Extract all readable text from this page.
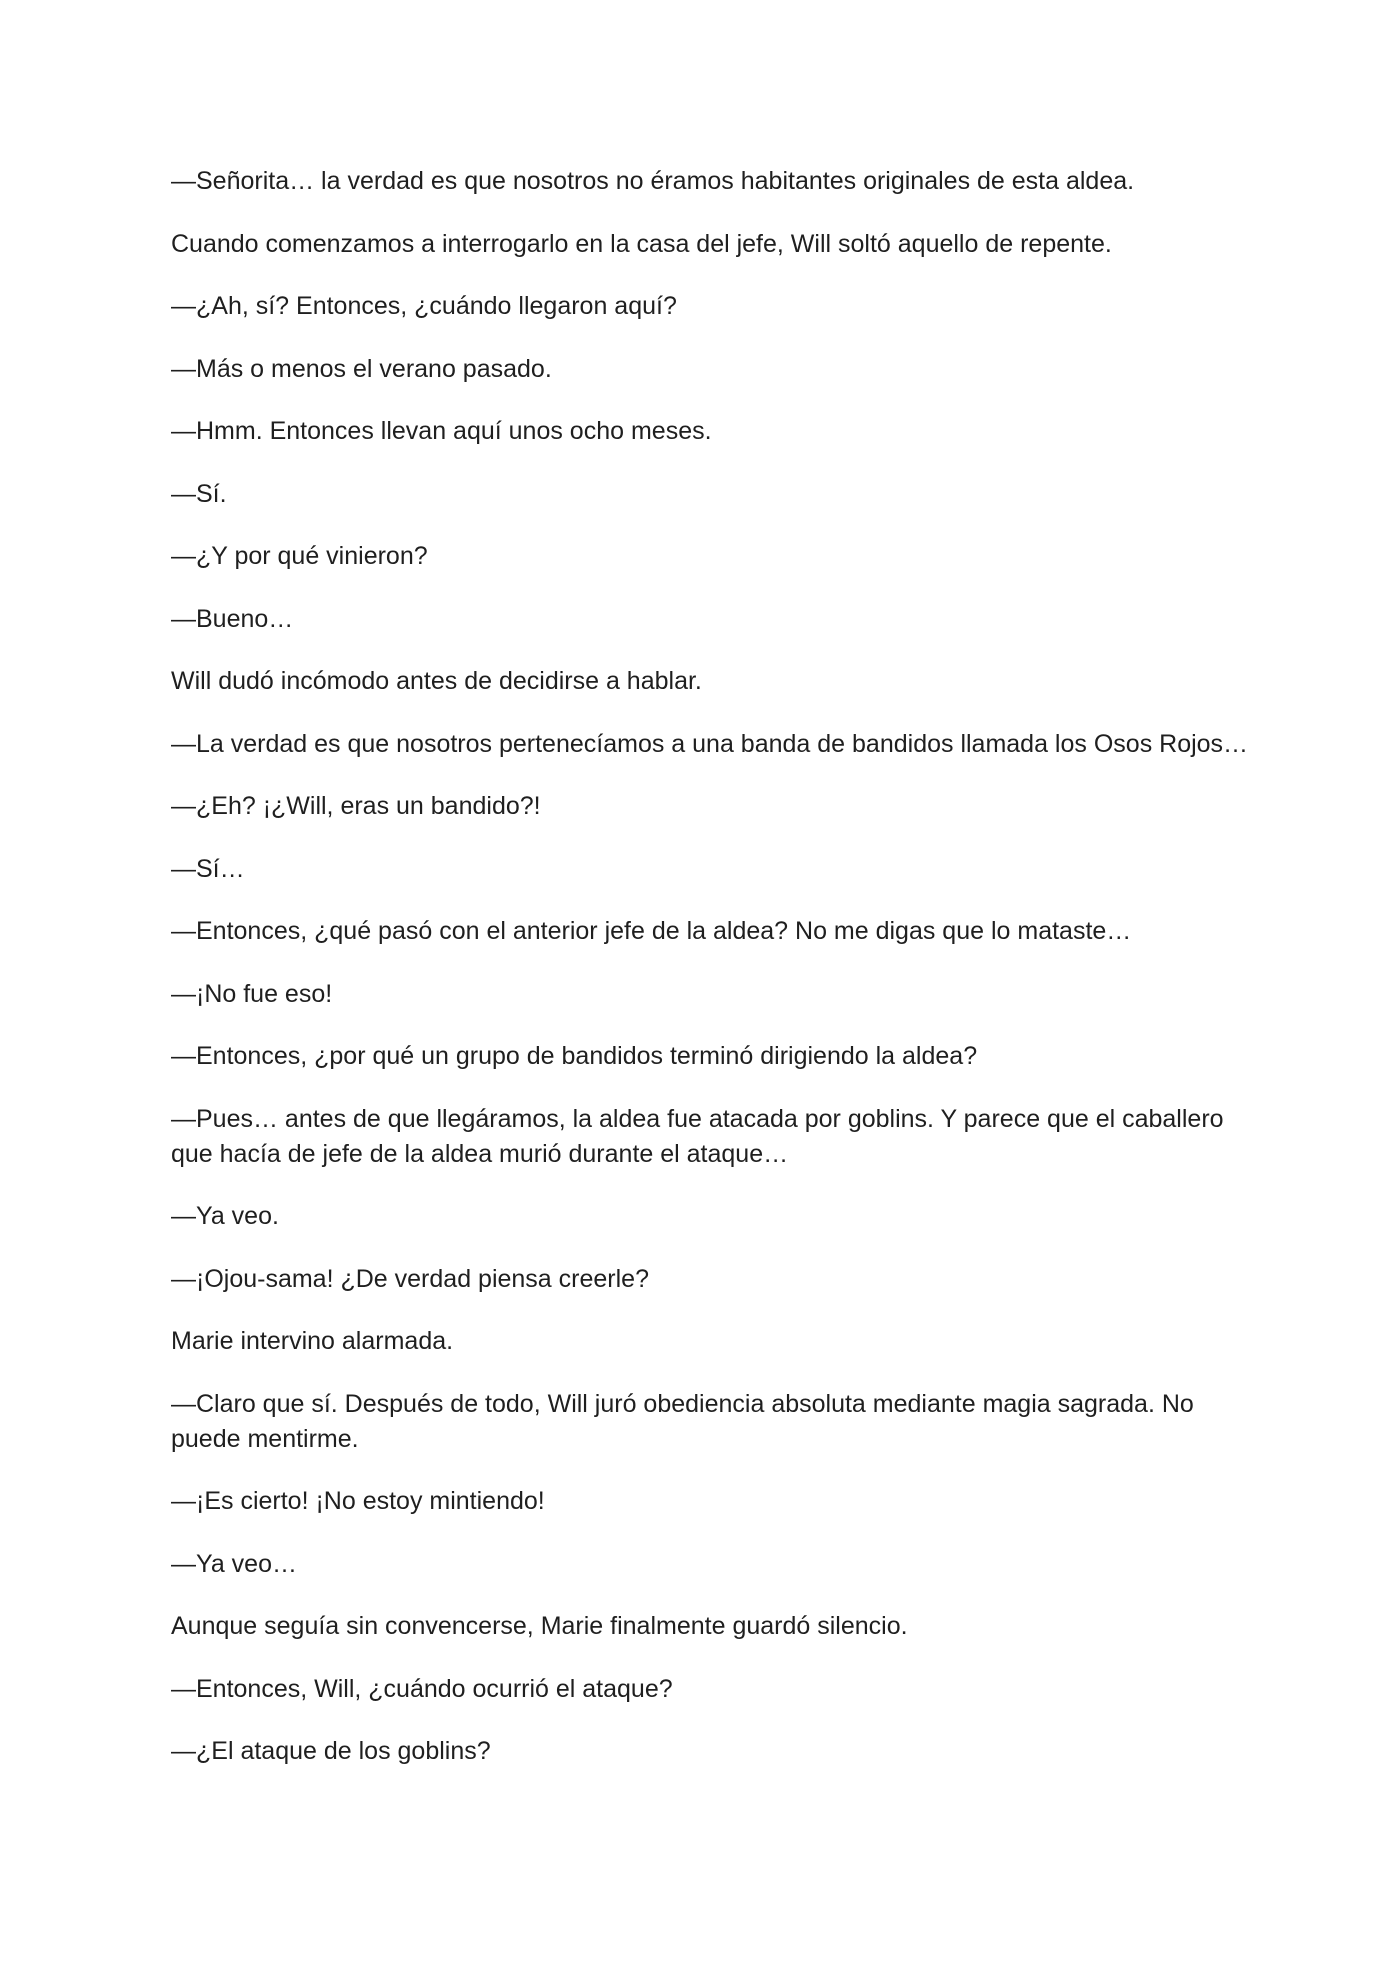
—Señorita… la verdad es que nosotros no éramos habitantes originales de esta aldea.

Cuando comenzamos a interrogarlo en la casa del jefe, Will soltó aquello de repente.

—¿Ah, sí? Entonces, ¿cuándo llegaron aquí?

—Más o menos el verano pasado.

—Hmm. Entonces llevan aquí unos ocho meses.

—Sí.

—¿Y por qué vinieron?

—Bueno…

Will dudó incómodo antes de decidirse a hablar.

—La verdad es que nosotros pertenecíamos a una banda de bandidos llamada los Osos Rojos…

—¿Eh? ¡¿Will, eras un bandido?!

—Sí…

—Entonces, ¿qué pasó con el anterior jefe de la aldea? No me digas que lo mataste…

—¡No fue eso!

—Entonces, ¿por qué un grupo de bandidos terminó dirigiendo la aldea?

—Pues… antes de que llegáramos, la aldea fue atacada por goblins. Y parece que el caballero que hacía de jefe de la aldea murió durante el ataque…

—Ya veo.

—¡Ojou-sama! ¿De verdad piensa creerle?

Marie intervino alarmada.

—Claro que sí. Después de todo, Will juró obediencia absoluta mediante magia sagrada. No puede mentirme.

—¡Es cierto! ¡No estoy mintiendo!

—Ya veo…

Aunque seguía sin convencerse, Marie finalmente guardó silencio.

—Entonces, Will, ¿cuándo ocurrió el ataque?

—¿El ataque de los goblins?
